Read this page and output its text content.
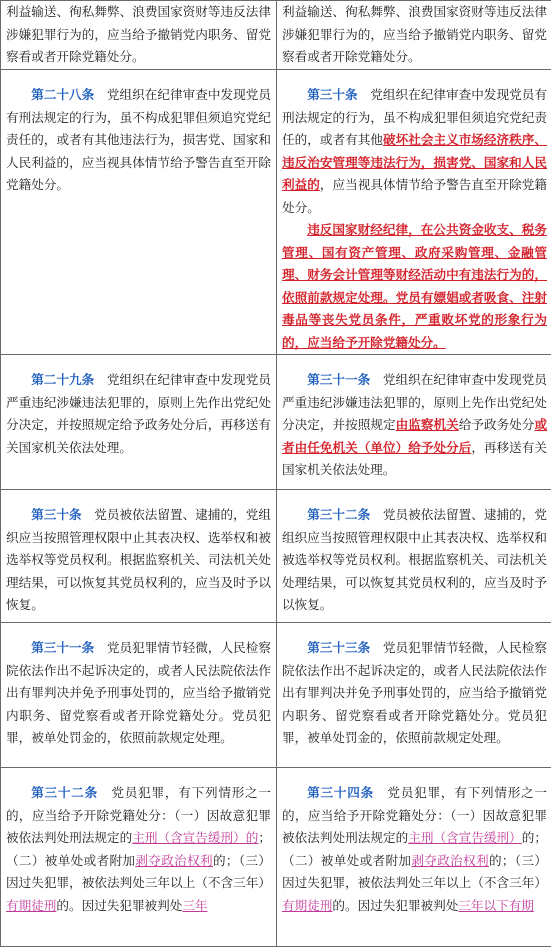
利益输送、徇私舞弊、浪费国家资财等违反法律涉嫌犯罪行为的，应当给予撤销党内职务、留党察看或者开除党籍处分。	利益输送、徇私舞弊、浪费国家资财等违反法律涉嫌犯罪行为的，应当给予撤销党内职务、留党察看或者开除党籍处分。

第二十八条　党组织在纪律审查中发现党员有刑法规定的行为，虽不构成犯罪但须追究党纪责任的，或者有其他违法行为，损害党、国家和人民利益的，应当视具体情节给予警告直至开除党籍处分。	第三十条　党组织在纪律审查中发现党员有刑法规定的行为，虽不构成犯罪但须追究党纪责任的，或者有其他破坏社会主义市场经济秩序、违反治安管理等违法行为，损害党、国家和人民利益的，应当视具体情节给予警告直至开除党籍处分。
违反国家财经纪律，在公共资金收支、税务管理、国有资产管理、政府采购管理、金融管理、财务会计管理等财经活动中有违法行为的，依照前款规定处理。党员有嫖娼或者吸食、注射毒品等丧失党员条件，严重败坏党的形象行为的，应当给予开除党籍处分。

第二十九条　党组织在纪律审查中发现党员严重违纪涉嫌违法犯罪的，原则上先作出党纪处分决定，并按照规定给予政务处分后，再移送有关国家机关依法处理。	第三十一条　党组织在纪律审查中发现党员严重违纪涉嫌违法犯罪的，原则上先作出党纪处分决定，并按照规定由监察机关给予政务处分或者由任免机关（单位）给予处分后，再移送有关国家机关依法处理。

第三十条　党员被依法留置、逮捕的，党组织应当按照管理权限中止其表决权、选举权和被选举权等党员权利。根据监察机关、司法机关处理结果，可以恢复其党员权利的，应当及时予以恢复。	第三十二条　党员被依法留置、逮捕的，党组织应当按照管理权限中止其表决权、选举权和被选举权等党员权利。根据监察机关、司法机关处理结果，可以恢复其党员权利的，应当及时予以恢复。

第三十一条　党员犯罪情节轻微，人民检察院依法作出不起诉决定的，或者人民法院依法作出有罪判决并免予刑事处罚的，应当给予撤销党内职务、留党察看或者开除党籍处分。党员犯罪，被单处罚金的，依照前款规定处理。	第三十三条　党员犯罪情节轻微，人民检察院依法作出不起诉决定的，或者人民法院依法作出有罪判决并免予刑事处罚的，应当给予撤销党内职务、留党察看或者开除党籍处分。党员犯罪，被单处罚金的，依照前款规定处理。

第三十二条　党员犯罪，有下列情形之一的，应当给予开除党籍处分：（一）因故意犯罪被依法判处刑法规定的主刑（含宣告缓刑）的；（二）被单处或者附加剥夺政治权利的；（三）因过失犯罪，被依法判处三年以上（不含三年）有期徒刑的。因过失犯罪被判处三年	第三十四条　党员犯罪，有下列情形之一的，应当给予开除党籍处分：（一）因故意犯罪被依法判处刑法规定的主刑（含宣告缓刑）的；（二）被单处或者附加剥夺政治权利的；（三）因过失犯罪，被依法判处三年以上（不含三年）有期徒刑的。因过失犯罪被判处三年以下有期
